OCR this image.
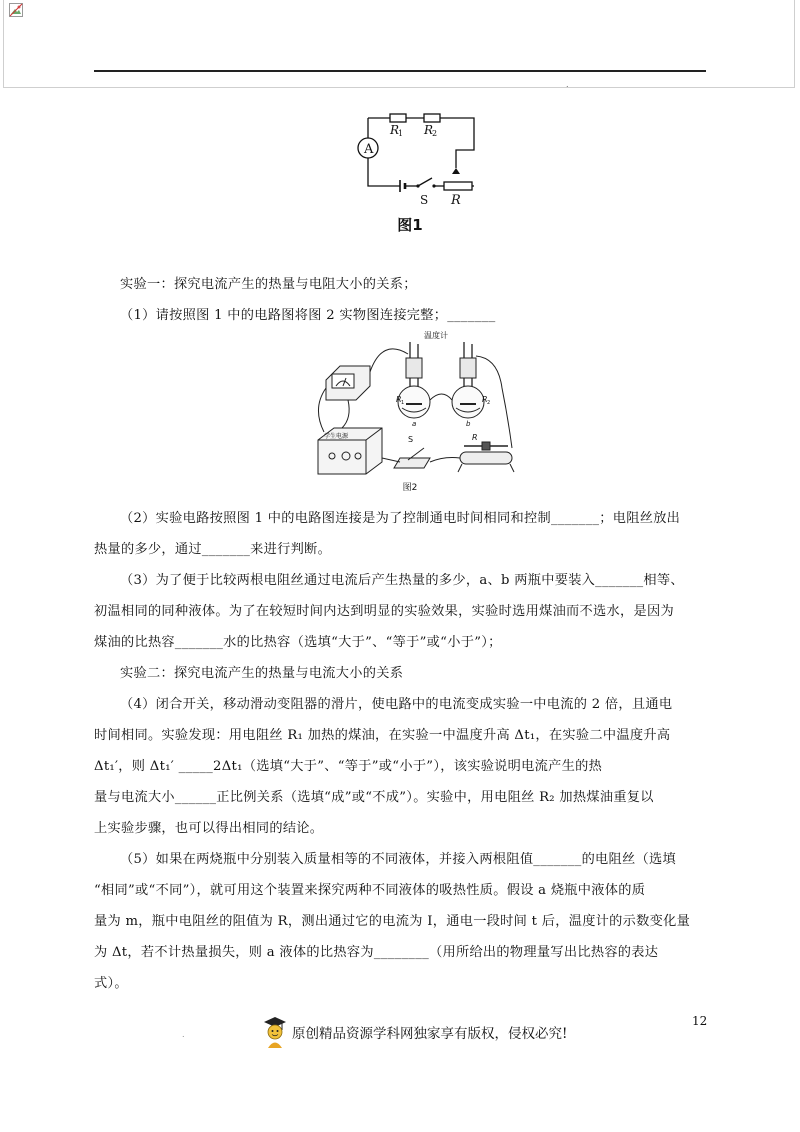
.
A
R
1 R
2
S R
图1
实验一：探究电流产生的热量与电阻大小的关系；
（1）请按照图 1 中的电路图将图 2 实物图连接完整；_______
温度计
R 1	R 2
a	b
学生电源	S	R
图2
（2）实验电路按照图 1 中的电路图连接是为了控制通电时间相同和控制_______；电阻丝放出
热量的多少，通过_______来进行判断。
（3）为了便于比较两根电阻丝通过电流后产生热量的多少，a、b 两瓶中要装入_______相等、
初温相同的同种液体。为了在较短时间内达到明显的实验效果，实验时选用煤油而不选水，是因为
煤油的比热容_______水的比热容（选填“大于”、“等于”或“小于”）；
实验二：探究电流产生的热量与电流大小的关系
（4）闭合开关，移动滑动变阻器的滑片，使电路中的电流变成实验一中电流的 2 倍，且通电
时间相同。实验发现：用电阻丝 R₁ 加热的煤油，在实验一中温度升高 Δt₁，在实验二中温度升高
Δt₁′，则 Δt₁′ _____2Δt₁（选填“大于”、“等于”或“小于”），该实验说明电流产生的热
量与电流大小______正比例关系（选填“成”或“不成”）。实验中，用电阻丝 R₂ 加热煤油重复以
上实验步骤，也可以得出相同的结论。
（5）如果在两烧瓶中分别装入质量相等的不同液体，并接入两根阻值_______的电阻丝（选填
“相同”或“不同”），就可用这个装置来探究两种不同液体的吸热性质。假设 a 烧瓶中液体的质
量为 m，瓶中电阻丝的阻值为 R，测出通过它的电流为 I，通电一段时间 t 后，温度计的示数变化量
为 Δt，若不计热量损失，则 a 液体的比热容为________（用所给出的物理量写出比热容的表达
式）。
12
.	原创精品资源学科网独家享有版权，侵权必究!
